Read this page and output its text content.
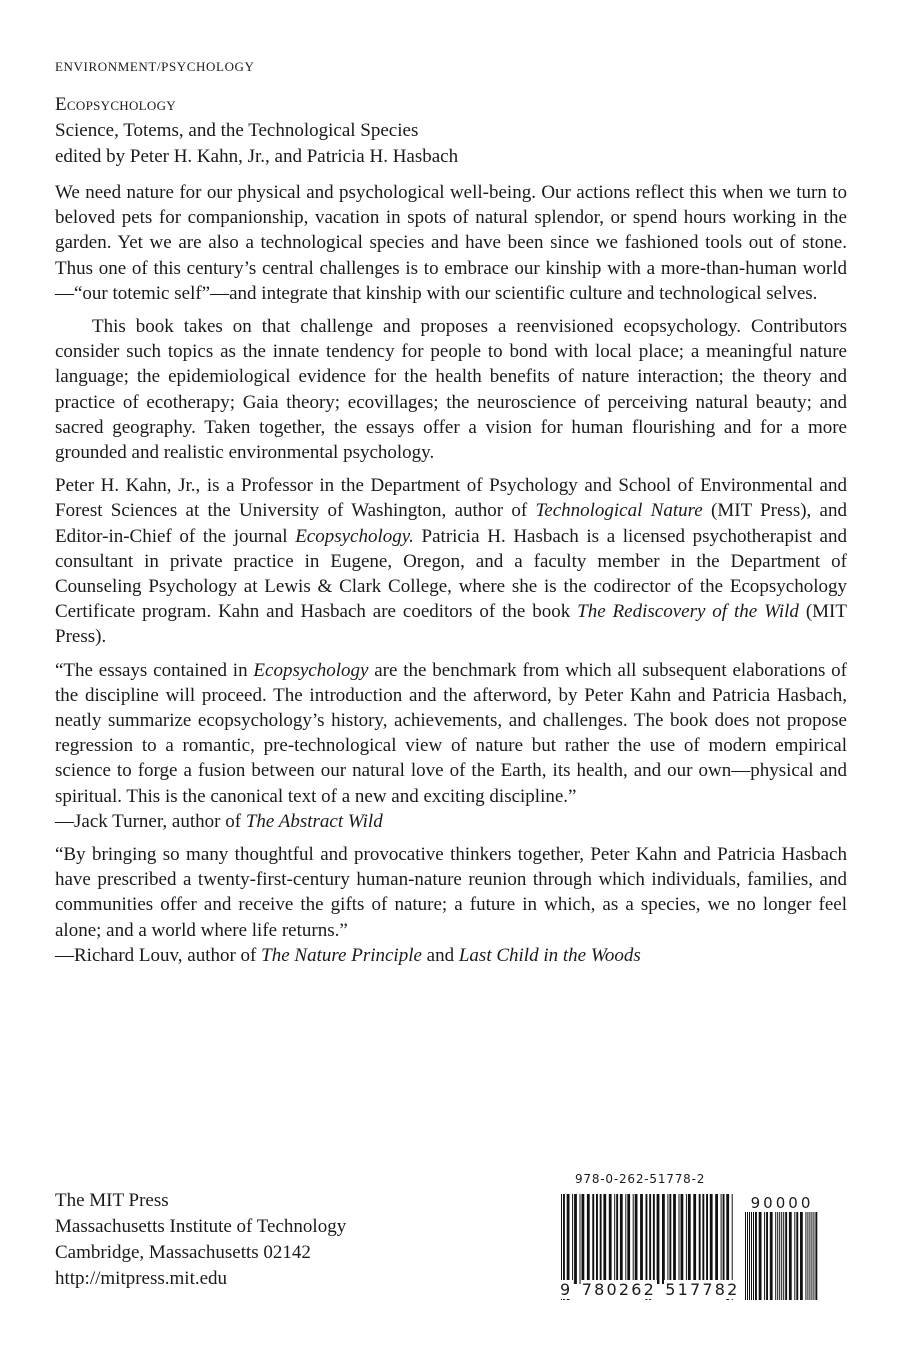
ENVIRONMENT/PSYCHOLOGY
Ecopsychology
Science, Totems, and the Technological Species
edited by Peter H. Kahn, Jr., and Patricia H. Hasbach

We need nature for our physical and psychological well-being. Our actions reflect this when we turn to beloved pets for companionship, vacation in spots of natural splendor, or spend hours working in the garden. Yet we are also a technological species and have been since we fashioned tools out of stone. Thus one of this century’s central challenges is to embrace our kinship with a more-than-human world—“our totemic self”—and integrate that kinship with our scientific culture and technological selves.

This book takes on that challenge and proposes a reenvisioned ecopsychology. Contributors consider such topics as the innate tendency for people to bond with local place; a meaningful nature language; the epidemiological evidence for the health benefits of nature interaction; the theory and practice of ecotherapy; Gaia theory; ecovillages; the neuroscience of perceiving natural beauty; and sacred geography. Taken together, the essays offer a vision for human flourishing and for a more grounded and realistic environmental psychology.

Peter H. Kahn, Jr., is a Professor in the Department of Psychology and School of Environmental and Forest Sciences at the University of Washington, author of Technological Nature (MIT Press), and Editor-in-Chief of the journal Ecopsychology. Patricia H. Hasbach is a licensed psychotherapist and consultant in private practice in Eugene, Oregon, and a faculty member in the Department of Counseling Psychology at Lewis & Clark College, where she is the codirector of the Ecopsychology Certificate program. Kahn and Hasbach are coeditors of the book The Rediscovery of the Wild (MIT Press).

“The essays contained in Ecopsychology are the benchmark from which all subsequent elaborations of the discipline will proceed. The introduction and the afterword, by Peter Kahn and Patricia Hasbach, neatly summarize ecopsychology’s history, achievements, and challenges. The book does not propose regression to a romantic, pre-technological view of nature but rather the use of modern empirical science to forge a fusion between our natural love of the Earth, its health, and our own—physical and spiritual. This is the canonical text of a new and exciting discipline.”

—Jack Turner, author of The Abstract Wild

“By bringing so many thoughtful and provocative thinkers together, Peter Kahn and Patricia Hasbach have prescribed a twenty-first-century human-nature reunion through which individuals, families, and communities offer and receive the gifts of nature; a future in which, as a species, we no longer feel alone; and a world where life returns.”

—Richard Louv, author of The Nature Principle and Last Child in the Woods

The MIT Press
Massachusetts Institute of Technology
Cambridge, Massachusetts 02142
http://mitpress.mit.edu
978-0-262-51778-2
90000
9 780262 517782
